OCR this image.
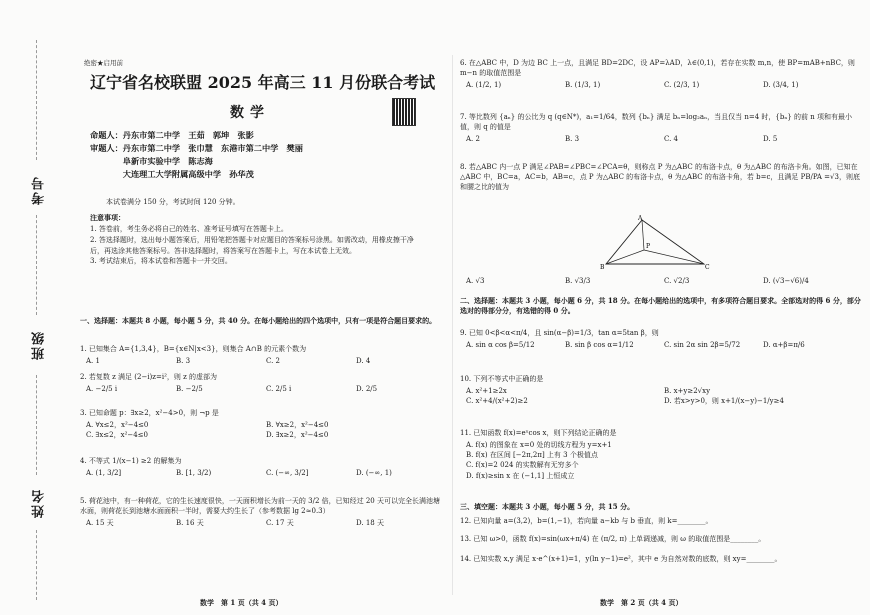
考号
班级
姓名
绝密★启用前
辽宁省名校联盟 2025 年高三 11 月份联合考试
数学
命题人：丹东市第二中学　王茹　郭坤　张影
审题人：丹东市第二中学　张巾慧　东港市第二中学　樊丽
　　　　阜新市实验中学　陈志海
　　　　大连理工大学附属高级中学　孙华茂
本试卷满分 150 分，考试时间 120 分钟。
注意事项：
1. 答卷前，考生务必将自己的姓名、准考证号填写在答题卡上。
2. 答选择题时，选出每小题答案后，用铅笔把答题卡对应题目的答案标号涂黑。如需改动，用橡皮擦干净后，再选涂其他答案标号。答非选择题时，将答案写在答题卡上，写在本试卷上无效。
3. 考试结束后，将本试卷和答题卡一并交回。
一、选择题：本题共 8 小题，每小题 5 分，共 40 分。在每小题给出的四个选项中，只有一项是符合题目要求的。
1. 已知集合 A={1,3,4}，B={x∈N|x<3}，则集合 A∩B 的元素个数为
A. 1	B. 3	C. 2	D. 4
2. 若复数 z 满足 (2−i)z=i²，则 z 的虚部为
A. −2/5 i	B. −2/5	C. 2/5 i	D. 2/5
3. 已知命题 p：∃x≥2，x²−4>0，则 ¬p 是
A. ∀x≤2，x²−4≤0	B. ∀x≥2，x²−4≤0
C. ∃x≤2，x²−4≤0	D. ∃x≥2，x²−4≤0
4. 不等式 1/(x−1) ≥2 的解集为
A. (1, 3/2]	B. [1, 3/2)	C. (−∞, 3/2]	D. (−∞, 1)
5. 荷花池中，有一种荷花，它的生长速度很快，一天面积增长为前一天的 3/2 倍，已知经过 20 天可以完全长满池塘水面，则荷花长到池塘水面面积一半时，需要大约生长了（参考数据 lg 2≈0.3）
A. 15 天	B. 16 天	C. 17 天	D. 18 天
数学　第 1 页（共 4 页）
6. 在△ABC 中，D 为边 BC 上一点，且满足 BD=2DC，设 AP=λAD，λ∈(0,1)，若存在实数 m,n，使 BP=mAB+nBC，则 m−n 的取值范围是
A. (1/2, 1)	B. (1/3, 1)	C. (2/3, 1)	D. (3/4, 1)
7. 等比数列 {aₙ} 的公比为 q (q∈N*)，a₁=1/64，数列 {bₙ} 满足 bₙ=log₂aₙ，当且仅当 n=4 时，{bₙ} 的前 n 项和有最小值，则 q 的值是
A. 2	B. 3	C. 4	D. 5
8. 若△ABC 内一点 P 满足∠PAB=∠PBC=∠PCA=θ，则称点 P 为△ABC 的布洛卡点，θ 为△ABC 的布洛卡角。如图，已知在△ABC 中，BC=a，AC=b，AB=c，点 P 为△ABC 的布洛卡点，θ 为△ABC 的布洛卡角，若 b=c，且满足 PB/PA =√3，则底和腰之比的值为
A
B	C
P
A. √3	B. √3/3	C. √2/3	D. (√3−√6)/4
二、选择题：本题共 3 小题，每小题 6 分，共 18 分。在每小题给出的选项中，有多项符合题目要求。全部选对的得 6 分，部分选对的得部分分，有选错的得 0 分。
9. 已知 0<β<α<π/4，且 sin(α−β)=1/3，tan α=5tan β，则
A. sin α cos β=5/12	B. sin β cos α=1/12	C. sin 2α sin 2β=5/72	D. α+β=π/6
10. 下列不等式中正确的是
A. x²+1≥2x	B. x+y≥2√xy
C. x²+4/(x²+2)≥2	D. 若x>y>0，则 x+1/(x−y)−1/y≥4
11. 已知函数 f(x)=eˣcos x，则下列结论正确的是
A. f(x) 的图象在 x=0 处的切线方程为 y=x+1
B. f(x) 在区间 [−2π,2π] 上有 3 个极值点
C. f(x)=2 024 的实数解有无穷多个
D. f(x)≥sin x 在 (−1,1] 上恒成立
三、填空题：本题共 3 小题，每小题 5 分，共 15 分。
12. 已知向量 a=(3,2)，b=(1,−1)，若向量 a−kb 与 b 垂直，则 k=________。
13. 已知 ω>0，函数 f(x)=sin(ωx+π/4) 在 (π/2, π) 上单调递减，则 ω 的取值范围是________。
14. 已知实数 x,y 满足 x·e^(x+1)=1，y(ln y−1)=e²，其中 e 为自然对数的底数，则 xy=________。
数学　第 2 页（共 4 页）
